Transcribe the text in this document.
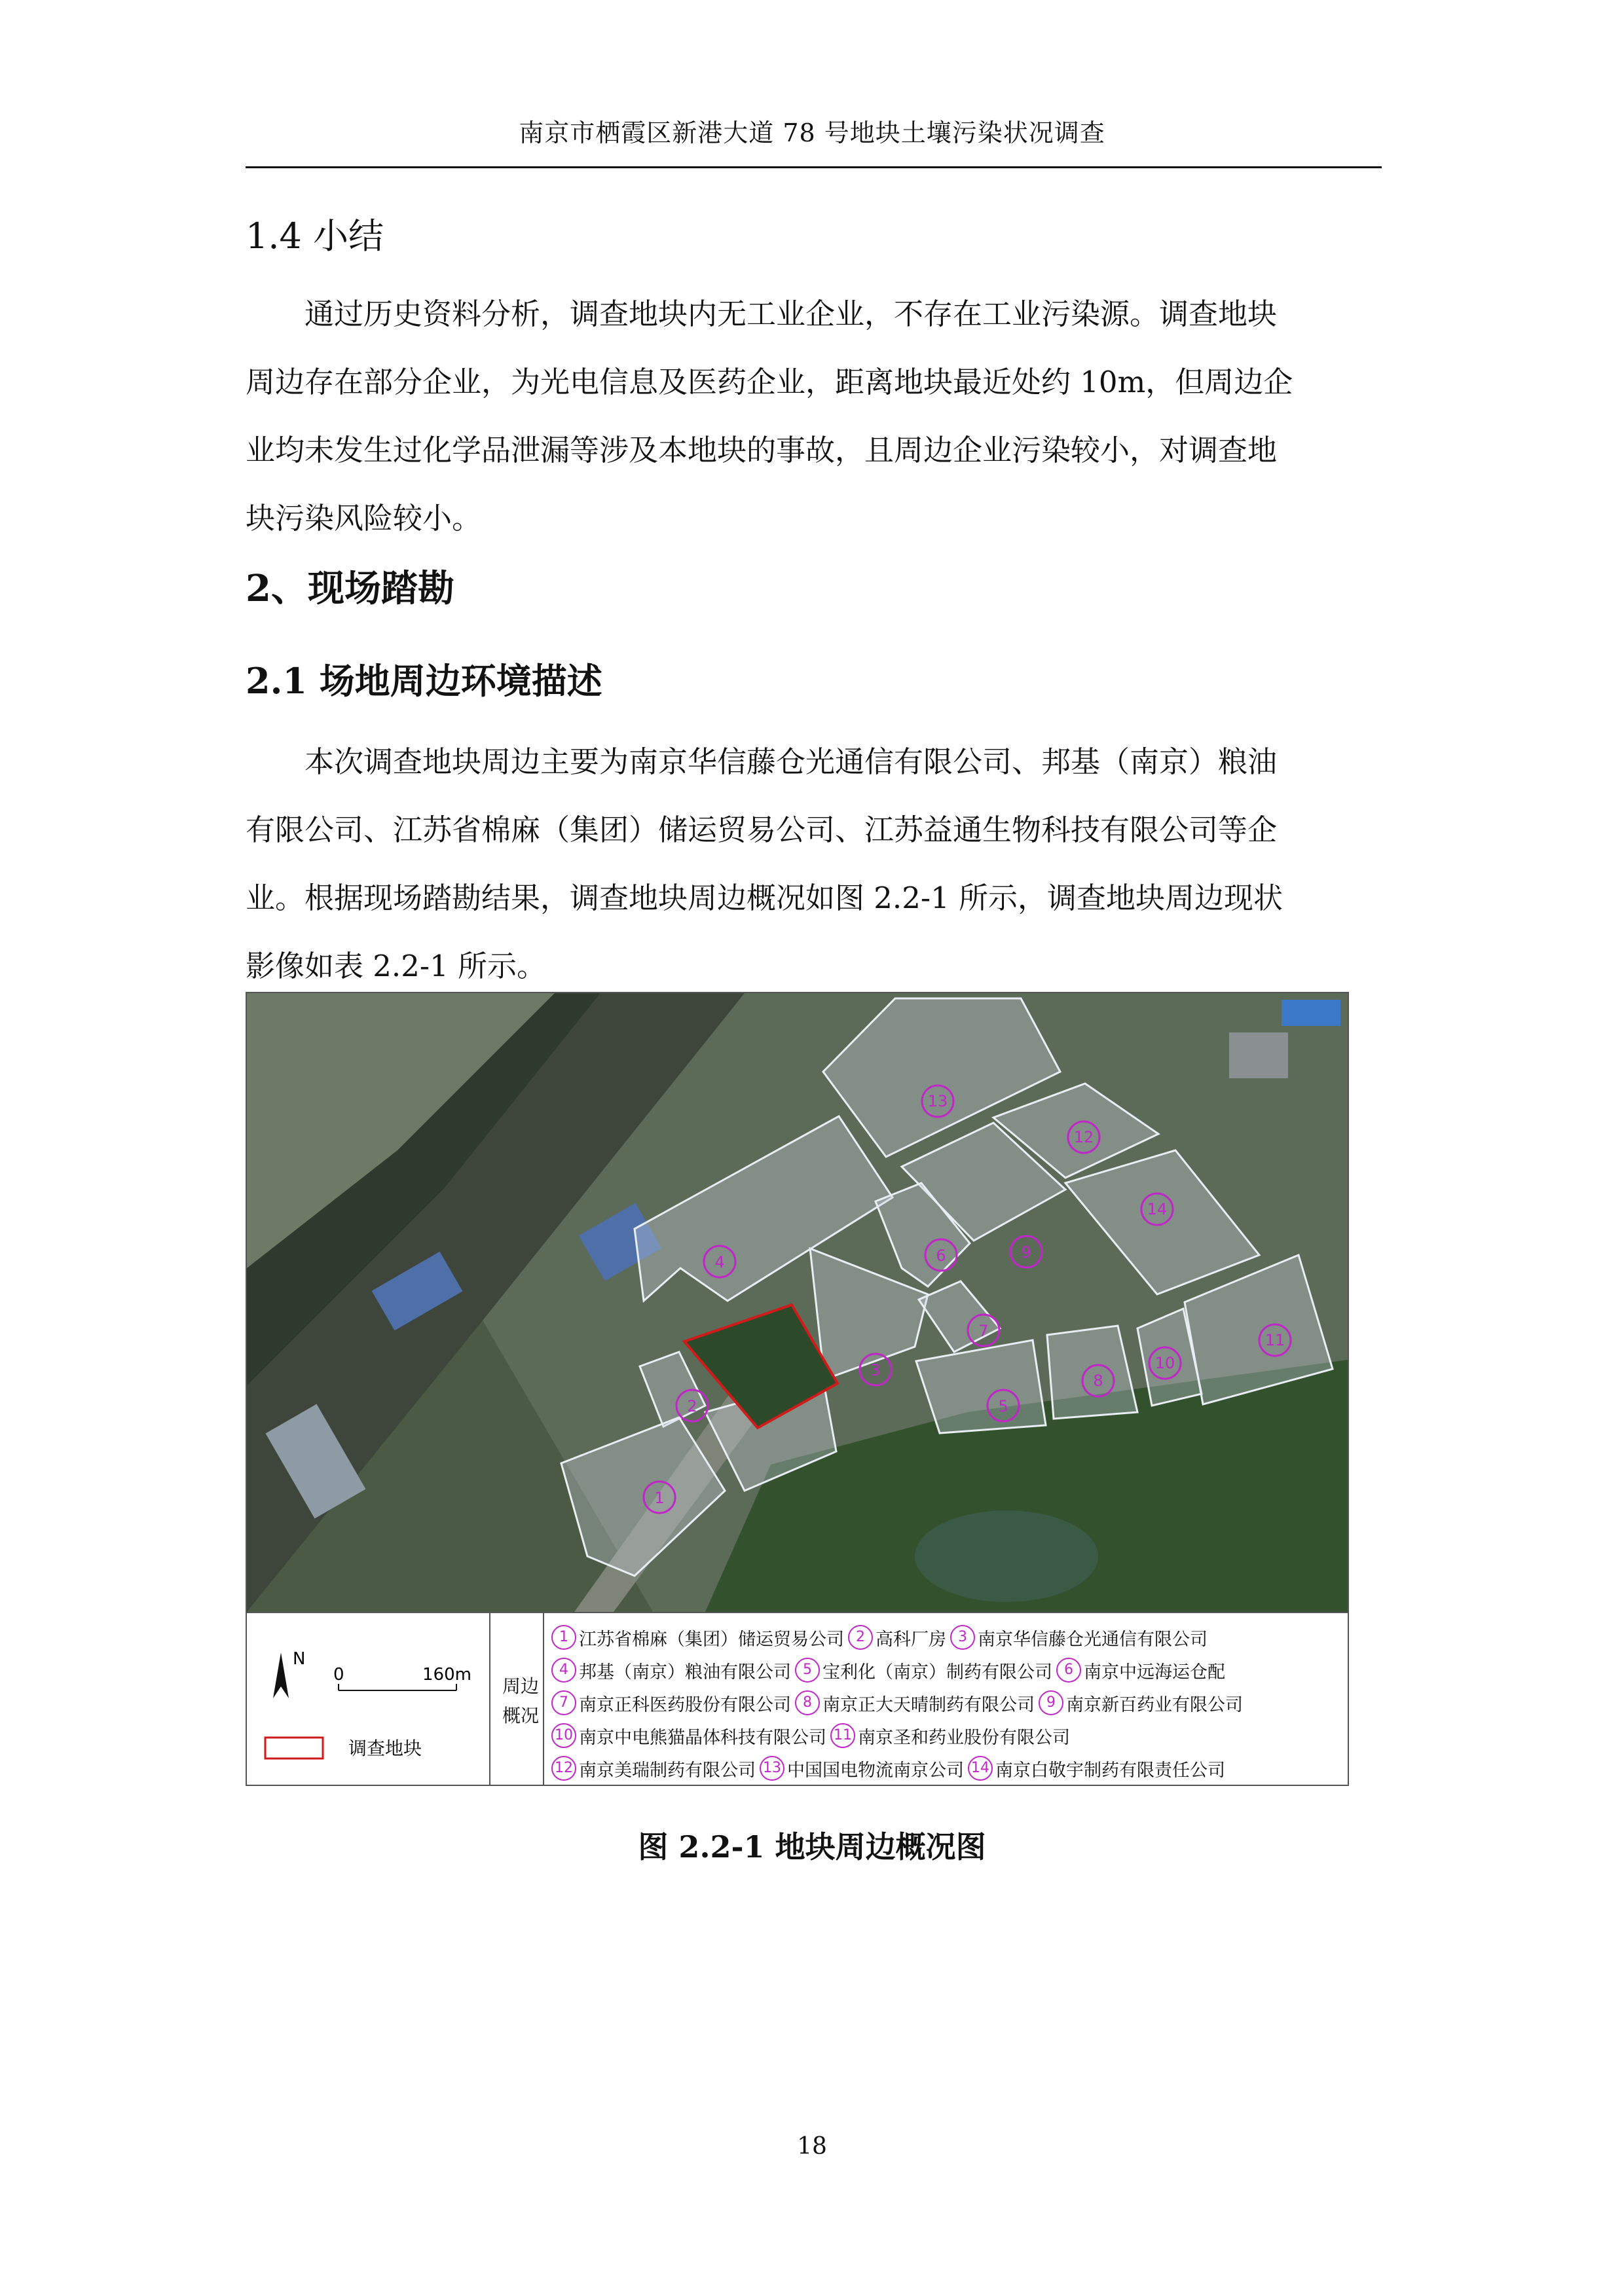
南京市栖霞区新港大道 78 号地块土壤污染状况调查
1.4 小结
通过历史资料分析，调查地块内无工业企业，不存在工业污染源。调查地块
周边存在部分企业，为光电信息及医药企业，距离地块最近处约 10m，但周边企
业均未发生过化学品泄漏等涉及本地块的事故，且周边企业污染较小，对调查地
块污染风险较小。
2、现场踏勘
2.1 场地周边环境描述
本次调查地块周边主要为南京华信藤仓光通信有限公司、邦基（南京）粮油
有限公司、江苏省棉麻（集团）储运贸易公司、江苏益通生物科技有限公司等企
业。根据现场踏勘结果，调查地块周边概况如图 2.2-1 所示，调查地块周边现状
影像如表 2.2-1 所示。
1
2
3
4
5
6
7
8
9
10
11
12
13
14
N
0	160m
调查地块
周边
概况
1 江苏省棉麻（集团）储运贸易公司 2 高科厂房 3 南京华信藤仓光通信有限公司
4 邦基（南京）粮油有限公司 5 宝利化（南京）制药有限公司 6 南京中远海运仓配
7 南京正科医药股份有限公司 8 南京正大天晴制药有限公司 9 南京新百药业有限公司
10 南京中电熊猫晶体科技有限公司 11 南京圣和药业股份有限公司
12 南京美瑞制药有限公司 13 中国国电物流南京公司 14 南京白敬宇制药有限责任公司
图 2.2-1 地块周边概况图
18
